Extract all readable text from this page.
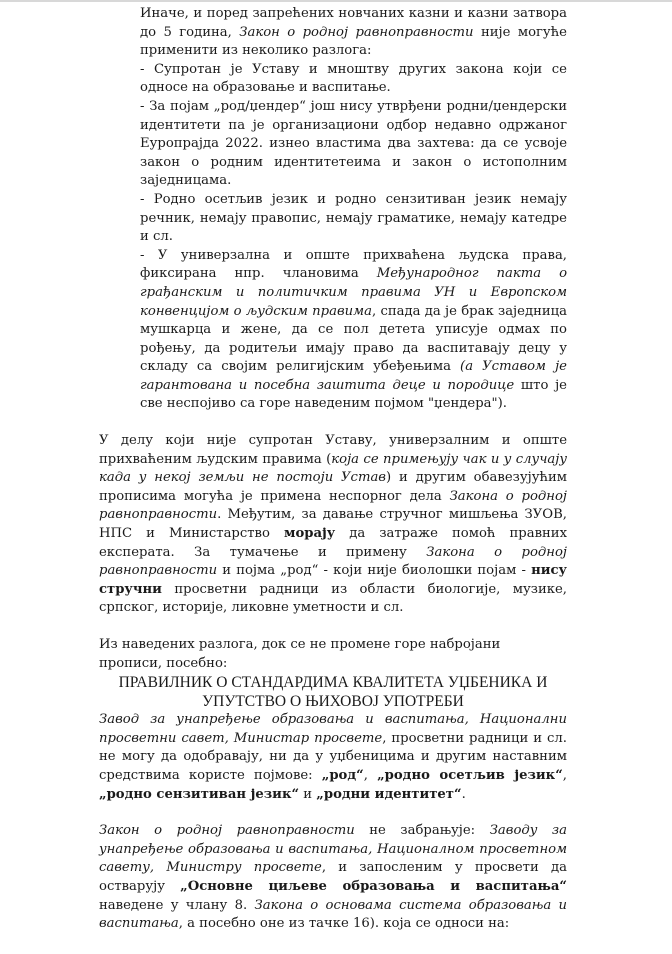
Иначе, и поред запрећених новчаних казни и казни затвора до 5 година, Закон о родној равноправности није могуће применити из неколико разлога:

- Супротан је Уставу и мноштву других закона који се односе на образовање и васпитање.

- За појам „род/џендер“ још нису утврђени родни/џендерски идентитети па је организациони одбор недавно одржаног Еуропрајда 2022. изнео властима два захтева: да се усвоје закон о родним идентитетеима и закон о истополним заједницама.

- Родно осетљив језик и родно сензитиван језик немају речник, немају правопис, немају граматике, немају катедре и сл.

- У универзална и опште прихваћена људска права, фиксирана нпр. члановима Међународног пакта о грађанским и политичким правима УН и Европском конвенцијом о људским правима, спада да је брак заједница мушкарца и жене, да се пол детета уписује одмах по рођењу, да родитељи имају право да васпитавају децу у складу са својим религијским убеђењима (а Уставом је гарантована и посебна заштита деце и породице што је све неспојиво са горе наведеним појмом "џендера").

У делу који није супротан Уставу, универзалним и опште прихваћеним људским правима (која се примењују чак и у случају када у некој земљи не постоји Устав) и другим обавезујућим прописима могућа је примена неспорног дела Закона о родној равноправности. Међутим, за давање стручног мишљења ЗУОВ, НПС и Министарство морају да затраже помоћ правних експерата. За тумачење и примену Закона о родној равноправности и појма „род“ - који није биолошки појам - нису стручни просветни радници из области биологије, музике, српског, историје, ликовне уметности и сл.

Из наведених разлога, док се не промене горе набројани прописи, посебно:

ПРАВИЛНИК О СТАНДАРДИМА КВАЛИТЕТА УЏБЕНИКА И
УПУТСТВО О ЊИХОВОЈ УПОТРЕБИ

Завод за унапређење образовања и васпитања, Национални просветни савет, Министар просвете, просветни радници и сл. не могу да одобравају, ни да у уџбеницима и другим наставним средствима користе појмове: „род“, „родно осетљив језик“, „родно сензитиван језик“ и „родни идентитет“.

Закон о родној равноправности не забрањује: Заводу за унапређење образовања и васпитања, Националном просветном савету, Министру просвете, и запосленим у просвети да остварују „Основне циљеве образовања и васпитања“ наведене у члану 8. Закона о основама система образовања и васпитања, а посебно оне из тачке 16). која се односи на:
